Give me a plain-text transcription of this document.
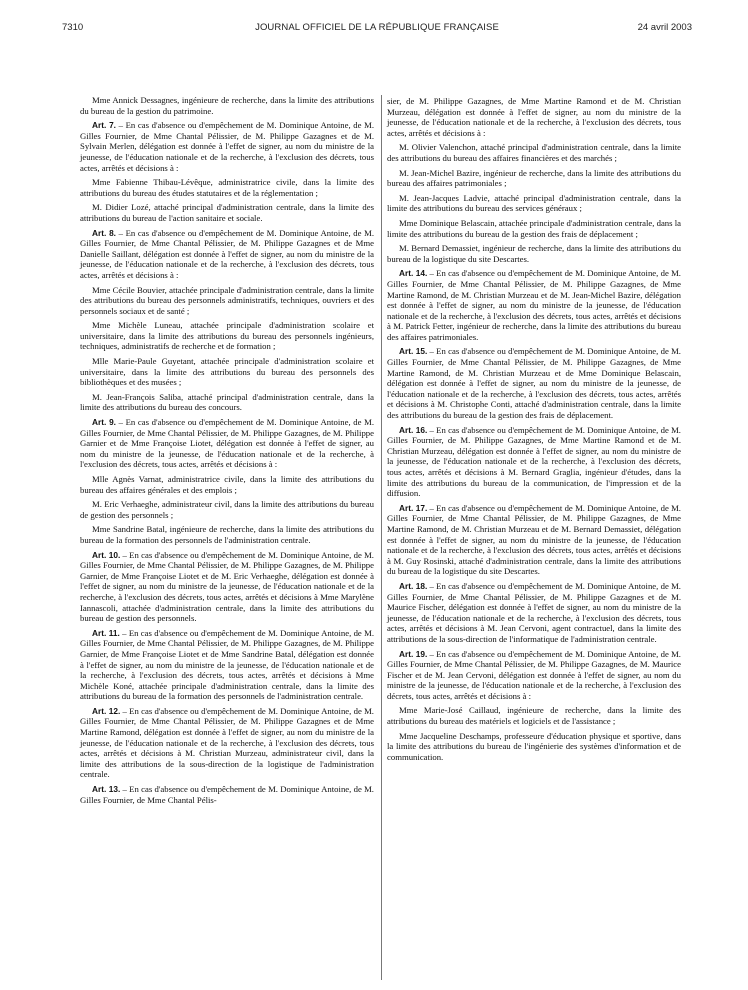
7310	JOURNAL OFFICIEL DE LA RÉPUBLIQUE FRANÇAISE	24 avril 2003

Mme Annick Dessagnes, ingénieure de recherche, dans la limite des attributions du bureau de la gestion du patrimoine.

Art. 7. – En cas d'absence ou d'empêchement de M. Dominique Antoine, de M. Gilles Fournier, de Mme Chantal Pélissier, de M. Philippe Gazagnes et de M. Sylvain Merlen, délégation est donnée à l'effet de signer, au nom du ministre de la jeunesse, de l'éducation nationale et de la recherche, à l'exclusion des décrets, tous actes, arrêtés et décisions à :

Mme Fabienne Thibau-Lévêque, administratrice civile, dans la limite des attributions du bureau des études statutaires et de la réglementation ;

M. Didier Lozé, attaché principal d'administration centrale, dans la limite des attributions du bureau de l'action sanitaire et sociale.

Art. 8. – En cas d'absence ou d'empêchement de M. Dominique Antoine, de M. Gilles Fournier, de Mme Chantal Pélissier, de M. Philippe Gazagnes et de Mme Danielle Saillant, délégation est donnée à l'effet de signer, au nom du ministre de la jeunesse, de l'éducation nationale et de la recherche, à l'exclusion des décrets, tous actes, arrêtés et décisions à :

Mme Cécile Bouvier, attachée principale d'administration centrale, dans la limite des attributions du bureau des personnels administratifs, techniques, ouvriers et des personnels sociaux et de santé ;

Mme Michèle Luneau, attachée principale d'administration scolaire et universitaire, dans la limite des attributions du bureau des personnels ingénieurs, techniques, administratifs de recherche et de formation ;

Mlle Marie-Paule Guyetant, attachée principale d'administration scolaire et universitaire, dans la limite des attributions du bureau des personnels des bibliothèques et des musées ;

M. Jean-François Saliba, attaché principal d'administration centrale, dans la limite des attributions du bureau des concours.

Art. 9. – En cas d'absence ou d'empêchement de M. Dominique Antoine, de M. Gilles Fournier, de Mme Chantal Pélissier, de M. Philippe Gazagnes, de M. Philippe Garnier et de Mme Françoise Liotet, délégation est donnée à l'effet de signer, au nom du ministre de la jeunesse, de l'éducation nationale et de la recherche, à l'exclusion des décrets, tous actes, arrêtés et décisions à :

Mlle Agnès Varnat, administratrice civile, dans la limite des attributions du bureau des affaires générales et des emplois ;

M. Eric Verhaeghe, administrateur civil, dans la limite des attributions du bureau de gestion des personnels ;

Mme Sandrine Batal, ingénieure de recherche, dans la limite des attributions du bureau de la formation des personnels de l'administration centrale.

Art. 10. – En cas d'absence ou d'empêchement de M. Dominique Antoine, de M. Gilles Fournier, de Mme Chantal Pélissier, de M. Philippe Gazagnes, de M. Philippe Garnier, de Mme Françoise Liotet et de M. Eric Verhaeghe, délégation est donnée à l'effet de signer, au nom du ministre de la jeunesse, de l'éducation nationale et de la recherche, à l'exclusion des décrets, tous actes, arrêtés et décisions à Mme Marylène Iannascoli, attachée d'administration centrale, dans la limite des attributions du bureau de gestion des personnels.

Art. 11. – En cas d'absence ou d'empêchement de M. Dominique Antoine, de M. Gilles Fournier, de Mme Chantal Pélissier, de M. Philippe Gazagnes, de M. Philippe Garnier, de Mme Françoise Liotet et de Mme Sandrine Batal, délégation est donnée à l'effet de signer, au nom du ministre de la jeunesse, de l'éducation nationale et de la recherche, à l'exclusion des décrets, tous actes, arrêtés et décisions à Mme Michèle Koné, attachée principale d'administration centrale, dans la limite des attributions du bureau de la formation des personnels de l'administration centrale.

Art. 12. – En cas d'absence ou d'empêchement de M. Dominique Antoine, de M. Gilles Fournier, de Mme Chantal Pélissier, de M. Philippe Gazagnes et de Mme Martine Ramond, délégation est donnée à l'effet de signer, au nom du ministre de la jeunesse, de l'éducation nationale et de la recherche, à l'exclusion des décrets, tous actes, arrêtés et décisions à M. Christian Murzeau, administrateur civil, dans la limite des attributions de la sous-direction de la logistique de l'administration centrale.

Art. 13. – En cas d'absence ou d'empêchement de M. Dominique Antoine, de M. Gilles Fournier, de Mme Chantal Pélis-

sier, de M. Philippe Gazagnes, de Mme Martine Ramond et de M. Christian Murzeau, délégation est donnée à l'effet de signer, au nom du ministre de la jeunesse, de l'éducation nationale et de la recherche, à l'exclusion des décrets, tous actes, arrêtés et décisions à :

M. Olivier Valenchon, attaché principal d'administration centrale, dans la limite des attributions du bureau des affaires financières et des marchés ;

M. Jean-Michel Bazire, ingénieur de recherche, dans la limite des attributions du bureau des affaires patrimoniales ;

M. Jean-Jacques Ladvie, attaché principal d'administration centrale, dans la limite des attributions du bureau des services généraux ;

Mme Dominique Belascain, attachée principale d'administration centrale, dans la limite des attributions du bureau de la gestion des frais de déplacement ;

M. Bernard Demassiet, ingénieur de recherche, dans la limite des attributions du bureau de la logistique du site Descartes.

Art. 14. – En cas d'absence ou d'empêchement de M. Dominique Antoine, de M. Gilles Fournier, de Mme Chantal Pélissier, de M. Philippe Gazagnes, de Mme Martine Ramond, de M. Christian Murzeau et de M. Jean-Michel Bazire, délégation est donnée à l'effet de signer, au nom du ministre de la jeunesse, de l'éducation nationale et de la recherche, à l'exclusion des décrets, tous actes, arrêtés et décisions à M. Patrick Fetter, ingénieur de recherche, dans la limite des attributions du bureau des affaires patrimoniales.

Art. 15. – En cas d'absence ou d'empêchement de M. Dominique Antoine, de M. Gilles Fournier, de Mme Chantal Pélissier, de M. Philippe Gazagnes, de Mme Martine Ramond, de M. Christian Murzeau et de Mme Dominique Belascain, délégation est donnée à l'effet de signer, au nom du ministre de la jeunesse, de l'éducation nationale et de la recherche, à l'exclusion des décrets, tous actes, arrêtés et décisions à M. Christophe Conti, attaché d'administration centrale, dans la limite des attributions du bureau de la gestion des frais de déplacement.

Art. 16. – En cas d'absence ou d'empêchement de M. Dominique Antoine, de M. Gilles Fournier, de M. Philippe Gazagnes, de Mme Martine Ramond et de M. Christian Murzeau, délégation est donnée à l'effet de signer, au nom du ministre de la jeunesse, de l'éducation nationale et de la recherche, à l'exclusion des décrets, tous actes, arrêtés et décisions à M. Bernard Graglia, ingénieur d'études, dans la limite des attributions du bureau de la communication, de l'impression et de la diffusion.

Art. 17. – En cas d'absence ou d'empêchement de M. Dominique Antoine, de M. Gilles Fournier, de Mme Chantal Pélissier, de M. Philippe Gazagnes, de Mme Martine Ramond, de M. Christian Murzeau et de M. Bernard Demassiet, délégation est donnée à l'effet de signer, au nom du ministre de la jeunesse, de l'éducation nationale et de la recherche, à l'exclusion des décrets, tous actes, arrêtés et décisions à M. Guy Rosinski, attaché d'administration centrale, dans la limite des attributions du bureau de la logistique du site Descartes.

Art. 18. – En cas d'absence ou d'empêchement de M. Dominique Antoine, de M. Gilles Fournier, de Mme Chantal Pélissier, de M. Philippe Gazagnes et de M. Maurice Fischer, délégation est donnée à l'effet de signer, au nom du ministre de la jeunesse, de l'éducation nationale et de la recherche, à l'exclusion des décrets, tous actes, arrêtés et décisions à M. Jean Cervoni, agent contractuel, dans la limite des attributions de la sous-direction de l'informatique de l'administration centrale.

Art. 19. – En cas d'absence ou d'empêchement de M. Dominique Antoine, de M. Gilles Fournier, de Mme Chantal Pélissier, de M. Philippe Gazagnes, de M. Maurice Fischer et de M. Jean Cervoni, délégation est donnée à l'effet de signer, au nom du ministre de la jeunesse, de l'éducation nationale et de la recherche, à l'exclusion des décrets, tous actes, arrêtés et décisions à :

Mme Marie-José Caillaud, ingénieure de recherche, dans la limite des attributions du bureau des matériels et logiciels et de l'assistance ;

Mme Jacqueline Deschamps, professeure d'éducation physique et sportive, dans la limite des attributions du bureau de l'ingénierie des systèmes d'information et de communication.
